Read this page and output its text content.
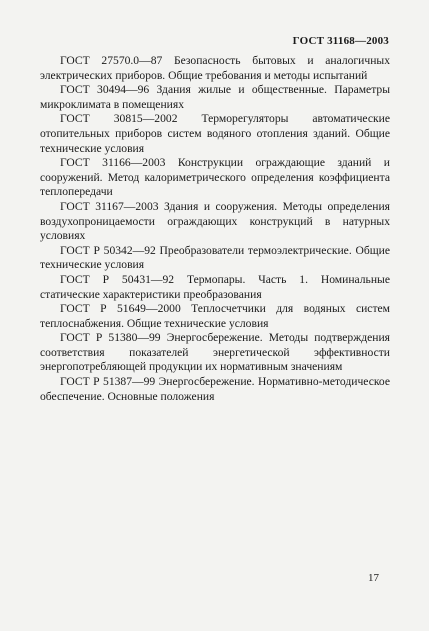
ГОСТ 31168—2003

ГОСТ 27570.0—87 Безопасность бытовых и аналогичных электрических приборов. Общие требования и методы испытаний

ГОСТ 30494—96 Здания жилые и общественные. Параметры микроклимата в помещениях

ГОСТ 30815—2002 Терморегуляторы автоматические отопительных приборов систем водяного отопления зданий. Общие технические условия

ГОСТ 31166—2003 Конструкции ограждающие зданий и сооружений. Метод калориметрического определения коэффициента теплопередачи

ГОСТ 31167—2003 Здания и сооружения. Методы определения воздухопроницаемости ограждающих конструкций в натурных условиях

ГОСТ Р 50342—92 Преобразователи термоэлектрические. Общие технические условия

ГОСТ Р 50431—92 Термопары. Часть 1. Номинальные статические характеристики преобразования

ГОСТ Р 51649—2000 Теплосчетчики для водяных систем теплоснабжения. Общие технические условия

ГОСТ Р 51380—99 Энергосбережение. Методы подтверждения соответствия показателей энергетической эффективности энергопотребляющей продукции их нормативным значениям

ГОСТ Р 51387—99 Энергосбережение. Нормативно-методическое обеспечение. Основные положения

17
